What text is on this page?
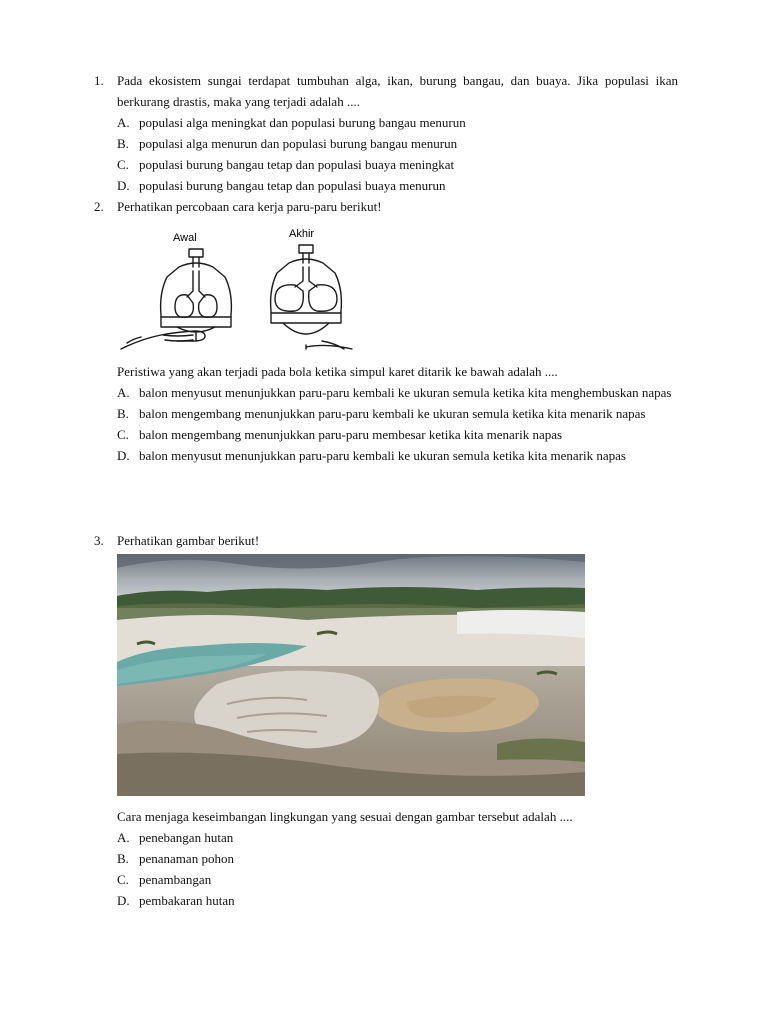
1.	Pada ekosistem sungai terdapat tumbuhan alga, ikan, burung bangau, dan buaya. Jika populasi ikan berkurang drastis, maka yang terjadi adalah ....
A. populasi alga meningkat dan populasi burung bangau menurun
B. populasi alga menurun dan populasi burung bangau menurun
C. populasi burung bangau tetap dan populasi buaya meningkat
D. populasi burung bangau tetap dan populasi buaya menurun
2.	Perhatikan percobaan cara kerja paru-paru berikut!
Awal	Akhir
Peristiwa yang akan terjadi pada bola ketika simpul karet ditarik ke bawah adalah ....
A. balon menyusut menunjukkan paru-paru kembali ke ukuran semula ketika kita menghembuskan napas
B. balon mengembang menunjukkan paru-paru kembali ke ukuran semula ketika kita menarik napas
C. balon mengembang menunjukkan paru-paru membesar ketika kita menarik napas
D. balon menyusut menunjukkan paru-paru kembali ke ukuran semula ketika kita menarik napas
3.	Perhatikan gambar berikut!
Cara menjaga keseimbangan lingkungan yang sesuai dengan gambar tersebut adalah ....
A. penebangan hutan
B. penanaman pohon
C. penambangan
D. pembakaran hutan
